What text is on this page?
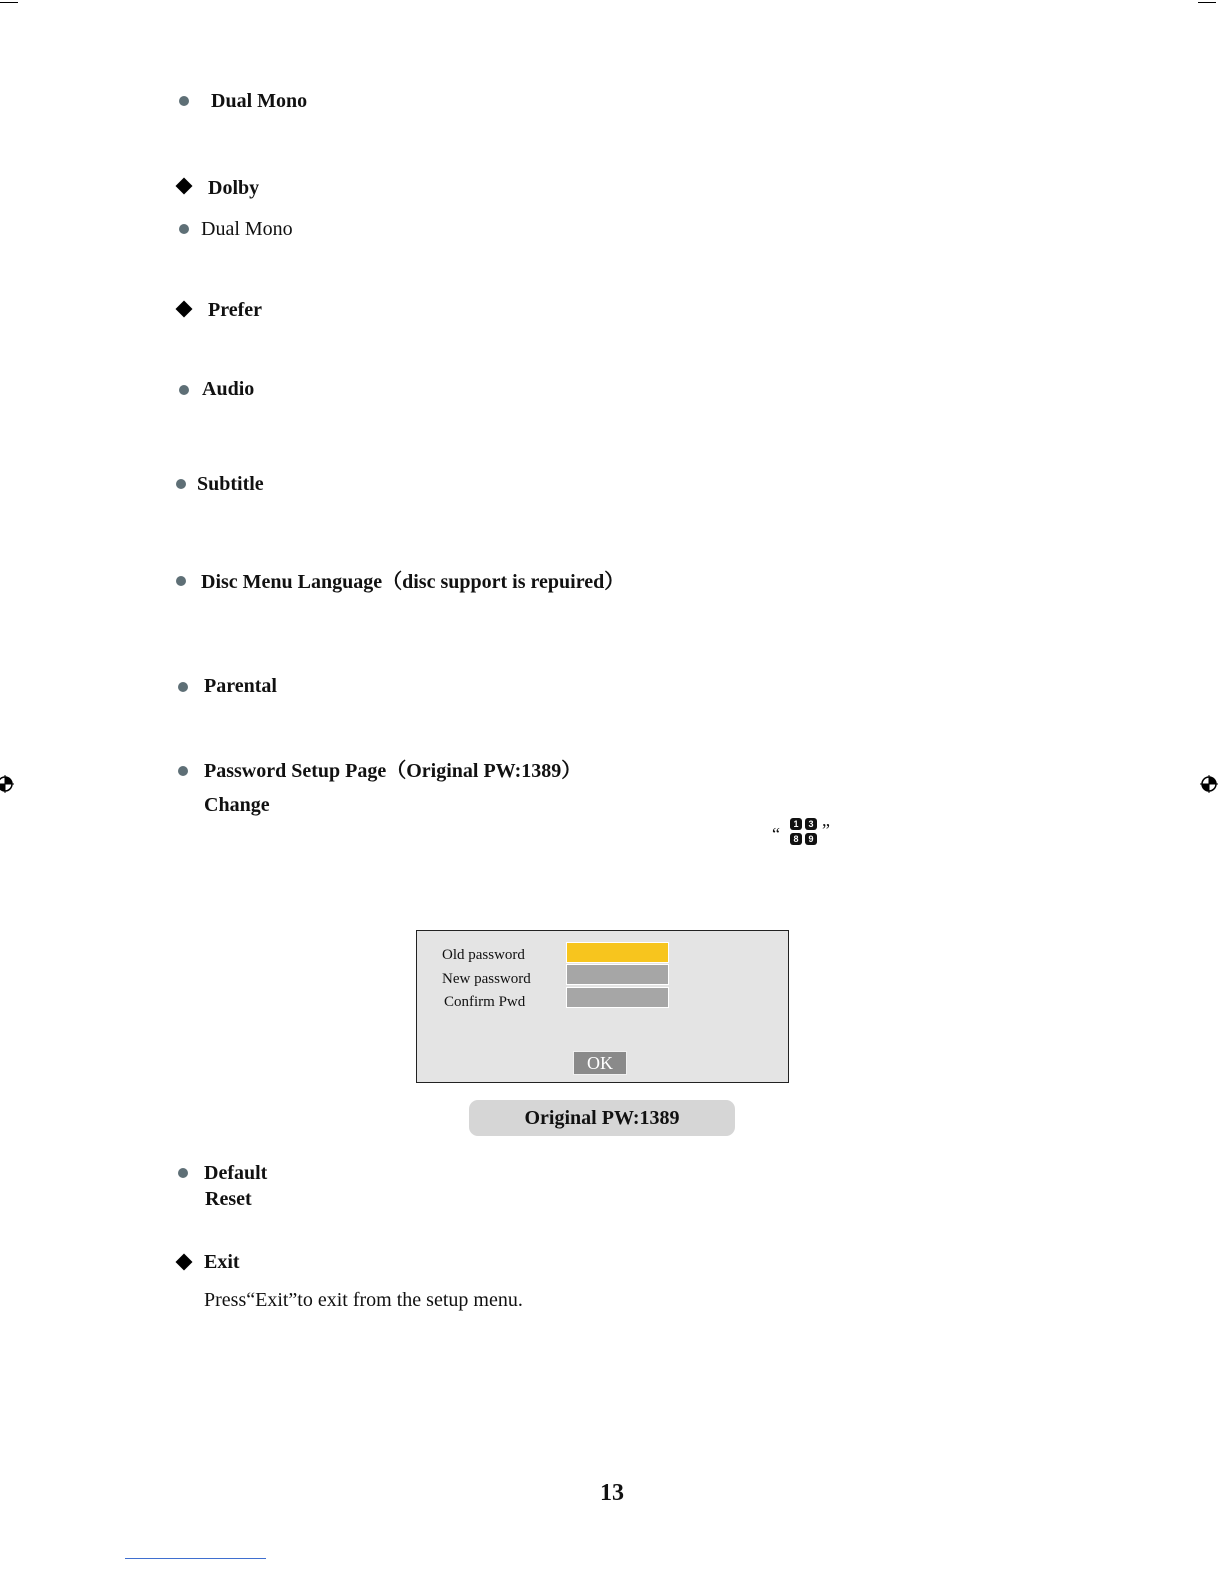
Dual Mono
Dolby
Dual Mono
Prefer
Audio
Subtitle
Disc Menu Language（disc support is repuired）
Parental
Password Setup Page（Original PW:1389）
Change
“	1	3
8	9 ”
Old password
New password
Confirm Pwd
OK
Original PW:1389
Default
Reset
Exit
Press“Exit”to exit from the setup menu.
13
